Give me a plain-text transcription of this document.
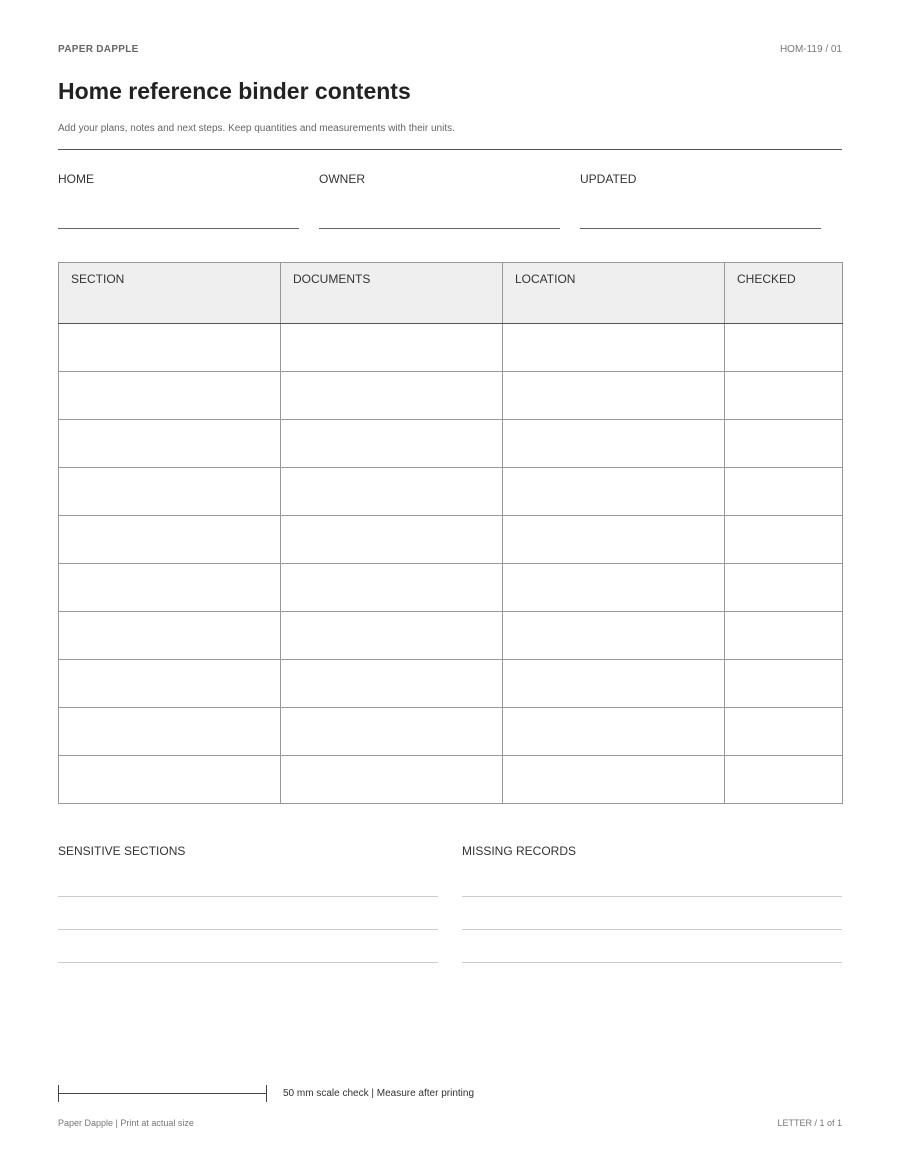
PAPER DAPPLE	HOM-119 / 01
Home reference binder contents
Add your plans, notes and next steps. Keep quantities and measurements with their units.
HOME	OWNER	UPDATED
SECTION	DOCUMENTS	LOCATION	CHECKED

SENSITIVE SECTIONS	MISSING RECORDS
50 mm scale check | Measure after printing
Paper Dapple | Print at actual size	LETTER / 1 of 1
